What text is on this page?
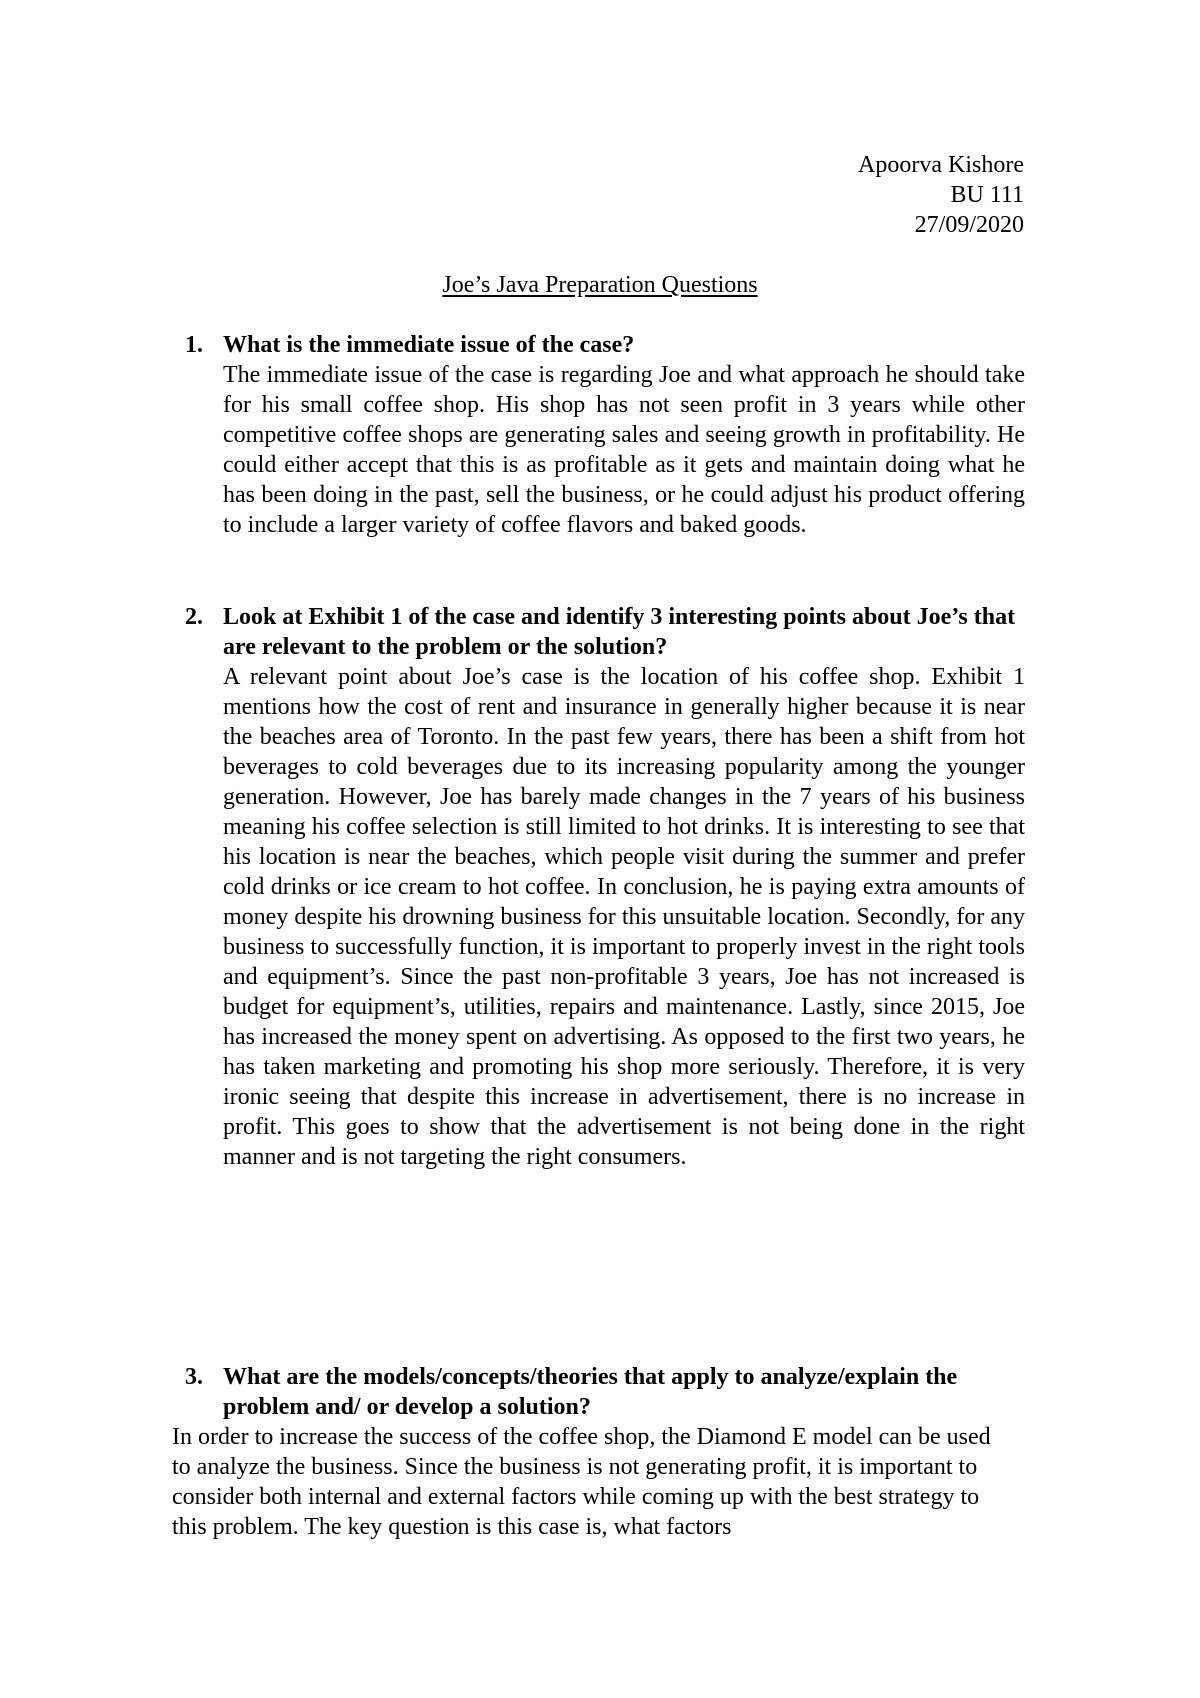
Apoorva Kishore
BU 111
27/09/2020
Joe’s Java Preparation Questions
1. What is the immediate issue of the case?
The immediate issue of the case is regarding Joe and what approach he should take for his small coffee shop. His shop has not seen profit in 3 years while other competitive coffee shops are generating sales and seeing growth in profitability. He could either accept that this is as profitable as it gets and maintain doing what he has been doing in the past, sell the business, or he could adjust his product offering to include a larger variety of coffee flavors and baked goods.
2. Look at Exhibit 1 of the case and identify 3 interesting points about Joe’s that are relevant to the problem or the solution?
A relevant point about Joe’s case is the location of his coffee shop. Exhibit 1 mentions how the cost of rent and insurance in generally higher because it is near the beaches area of Toronto. In the past few years, there has been a shift from hot beverages to cold beverages due to its increasing popularity among the younger generation. However, Joe has barely made changes in the 7 years of his business meaning his coffee selection is still limited to hot drinks. It is interesting to see that his location is near the beaches, which people visit during the summer and prefer cold drinks or ice cream to hot coffee. In conclusion, he is paying extra amounts of money despite his drowning business for this unsuitable location. Secondly, for any business to successfully function, it is important to properly invest in the right tools and equipment’s. Since the past non-profitable 3 years, Joe has not increased is budget for equipment’s, utilities, repairs and maintenance. Lastly, since 2015, Joe has increased the money spent on advertising. As opposed to the first two years, he has taken marketing and promoting his shop more seriously. Therefore, it is very ironic seeing that despite this increase in advertisement, there is no increase in profit. This goes to show that the advertisement is not being done in the right manner and is not targeting the right consumers.
3. What are the models/concepts/theories that apply to analyze/explain the problem and/ or develop a solution?
In order to increase the success of the coffee shop, the Diamond E model can be used to analyze the business. Since the business is not generating profit, it is important to consider both internal and external factors while coming up with the best strategy to this problem. The key question is this case is, what factors
